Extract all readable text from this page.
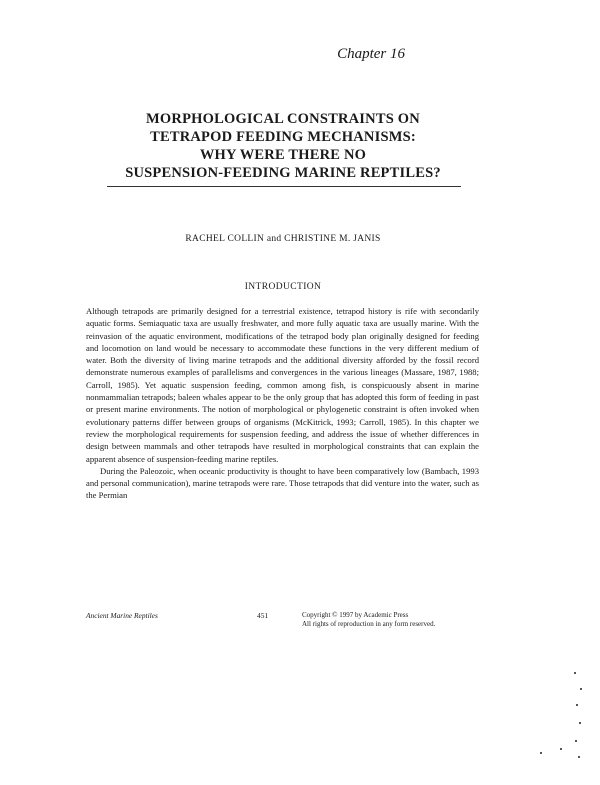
Chapter 16
MORPHOLOGICAL CONSTRAINTS ON
TETRAPOD FEEDING MECHANISMS:
WHY WERE THERE NO
SUSPENSION-FEEDING MARINE REPTILES?
RACHEL COLLIN and CHRISTINE M. JANIS
INTRODUCTION

Although tetrapods are primarily designed for a terrestrial existence, tetrapod history is rife with secondarily aquatic forms. Semiaquatic taxa are usually freshwater, and more fully aquatic taxa are usually marine. With the reinvasion of the aquatic environment, modifications of the tetrapod body plan originally designed for feeding and locomotion on land would be necessary to accommodate these functions in the very different medium of water. Both the diversity of living marine tetrapods and the additional diversity afforded by the fossil record demonstrate numerous examples of parallelisms and convergences in the various lineages (Massare, 1987, 1988; Carroll, 1985). Yet aquatic suspension feeding, common among fish, is conspicuously absent in marine nonmammalian tetrapods; baleen whales appear to be the only group that has adopted this form of feeding in past or present marine environments. The notion of morphological or phylogenetic constraint is often invoked when evolutionary patterns differ between groups of organisms (McKitrick, 1993; Carroll, 1985). In this chapter we review the morphological requirements for suspension feeding, and address the issue of whether differences in design between mammals and other tetrapods have resulted in morphological constraints that can explain the apparent absence of suspension-feeding marine reptiles.

During the Paleozoic, when oceanic productivity is thought to have been comparatively low (Bambach, 1993 and personal communication), marine tetrapods were rare. Those tetrapods that did venture into the water, such as the Permian

Ancient Marine Reptiles	451	Copyright © 1997 by Academic Press
All rights of reproduction in any form reserved.
